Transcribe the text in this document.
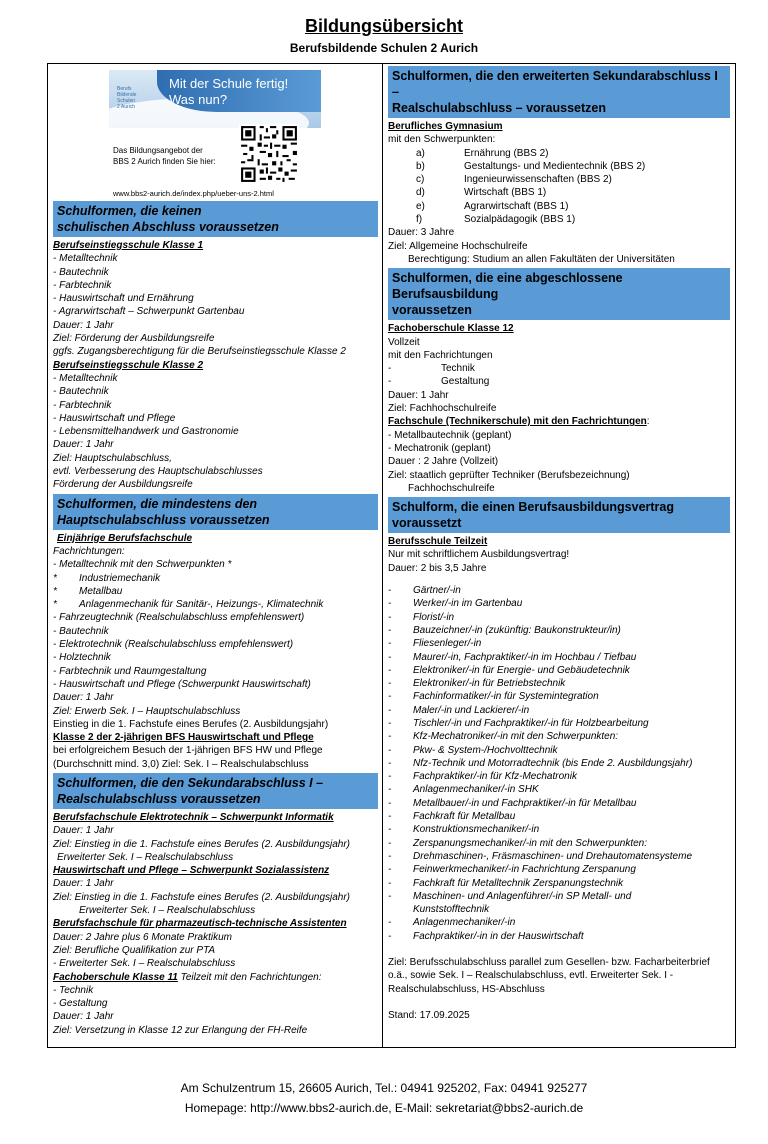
Bildungsübersicht
Berufsbildende Schulen 2 Aurich
Berufs
Bildende
Schulen
2 Aurich
Mit der Schule fertig!
Was nun?
Das Bildungsangebot der
BBS 2 Aurich finden Sie hier:
www.bbs2-aurich.de/index.php/ueber-uns-2.html
Schulformen, die keinen
schulischen Abschluss voraussetzen
Berufseinstiegsschule Klasse 1
- Metalltechnik
- Bautechnik
- Farbtechnik
- Hauswirtschaft und Ernährung
- Agrarwirtschaft – Schwerpunkt Gartenbau
Dauer: 1 Jahr
Ziel: Förderung der Ausbildungsreife
ggfs. Zugangsberechtigung für die Berufseinstiegsschule Klasse 2
Berufseinstiegsschule Klasse 2
- Metalltechnik
- Bautechnik
- Farbtechnik
- Hauswirtschaft und Pflege
- Lebensmittelhandwerk und Gastronomie
Dauer: 1 Jahr
Ziel: Hauptschulabschluss,
evtl. Verbesserung des Hauptschulabschlusses
Förderung der Ausbildungsreife
Schulformen, die mindestens den
Hauptschulabschluss voraussetzen
Einjährige Berufsfachschule
Fachrichtungen:
- Metalltechnik mit den Schwerpunkten *
*	Industriemechanik
*	Metallbau
*	Anlagenmechanik für Sanitär-, Heizungs-, Klimatechnik
- Fahrzeugtechnik (Realschulabschluss empfehlenswert)
- Bautechnik
- Elektrotechnik (Realschulabschluss empfehlenswert)
- Holztechnik
- Farbtechnik und Raumgestaltung
- Hauswirtschaft und Pflege (Schwerpunkt Hauswirtschaft)
Dauer: 1 Jahr
Ziel: Erwerb Sek. I – Hauptschulabschluss
Einstieg in die 1. Fachstufe eines Berufes (2. Ausbildungsjahr)
Klasse 2 der 2-jährigen BFS Hauswirtschaft und Pflege
bei erfolgreichem Besuch der 1-jährigen BFS HW und Pflege
(Durchschnitt mind. 3,0) Ziel: Sek. I – Realschulabschluss
Schulformen, die den Sekundarabschluss I –
Realschulabschluss voraussetzen
Berufsfachschule Elektrotechnik – Schwerpunkt Informatik
Dauer: 1 Jahr
Ziel: Einstieg in die 1. Fachstufe eines Berufes (2. Ausbildungsjahr)
Erweiterter Sek. I – Realschulabschluss
Hauswirtschaft und Pflege – Schwerpunkt Sozialassistenz
Dauer: 1 Jahr
Ziel: Einstieg in die 1. Fachstufe eines Berufes (2. Ausbildungsjahr)
Erweiterter Sek. I – Realschulabschluss
Berufsfachschule für pharmazeutisch-technische Assistenten
Dauer: 2 Jahre plus 6 Monate Praktikum
Ziel: Berufliche Qualifikation zur PTA
- Erweiterter Sek. I – Realschulabschluss
Fachoberschule Klasse 11 Teilzeit mit den Fachrichtungen:
- Technik
- Gestaltung
Dauer: 1 Jahr
Ziel: Versetzung in Klasse 12 zur Erlangung der FH-Reife
Schulformen, die den erweiterten Sekundarabschluss I –
Realschulabschluss – voraussetzen
Berufliches Gymnasium
mit den Schwerpunkten:
a)	Ernährung (BBS 2)
b)	Gestaltungs- und Medientechnik (BBS 2)
c)	Ingenieurwissenschaften (BBS 2)
d)	Wirtschaft (BBS 1)
e)	Agrarwirtschaft (BBS 1)
f)	Sozialpädagogik (BBS 1)
Dauer: 3 Jahre
Ziel: Allgemeine Hochschulreife
Berechtigung: Studium an allen Fakultäten der Universitäten
Schulformen, die eine abgeschlossene Berufsausbildung
voraussetzen
Fachoberschule Klasse 12
Vollzeit
mit den Fachrichtungen
-	Technik
-	Gestaltung
Dauer: 1 Jahr
Ziel: Fachhochschulreife
Fachschule (Technikerschule) mit den Fachrichtungen:
- Metallbautechnik (geplant)
- Mechatronik (geplant)
Dauer : 2 Jahre (Vollzeit)
Ziel: staatlich geprüfter Techniker (Berufsbezeichnung)
Fachhochschulreife
Schulform, die einen Berufsausbildungsvertrag
voraussetzt
Berufsschule Teilzeit
Nur mit schriftlichem Ausbildungsvertrag!
Dauer: 2 bis 3,5 Jahre
-	Gärtner/-in
-	Werker/-in im Gartenbau
-	Florist/-in
-	Bauzeichner/-in (zukünftig: Baukonstrukteur/in)
-	Fliesenleger/-in
-	Maurer/-in, Fachpraktiker/-in im Hochbau / Tiefbau
-	Elektroniker/-in für Energie- und Gebäudetechnik
-	Elektroniker/-in für Betriebstechnik
-	Fachinformatiker/-in für Systemintegration
-	Maler/-in und Lackierer/-in
-	Tischler/-in und Fachpraktiker/-in für Holzbearbeitung
-	Kfz-Mechatroniker/-in mit den Schwerpunkten:
-	Pkw- & System-/Hochvolttechnik
-	Nfz-Technik und Motorradtechnik (bis Ende 2. Ausbildungsjahr)
-	Fachpraktiker/-in für Kfz-Mechatronik
-	Anlagenmechaniker/-in SHK
-	Metallbauer/-in und Fachpraktiker/-in für Metallbau
-	Fachkraft für Metallbau
-	Konstruktionsmechaniker/-in
-	Zerspanungsmechaniker/-in mit den Schwerpunkten:
-	Drehmaschinen-, Fräsmaschinen- und Drehautomatensysteme
-	Feinwerkmechaniker/-in Fachrichtung Zerspanung
-	Fachkraft für Metalltechnik Zerspanungstechnik
-	Maschinen- und Anlagenführer/-in SP Metall- und
Kunststofftechnik
-	Anlagenmechaniker/-in
-	Fachpraktiker/-in in der Hauswirtschaft
Ziel: Berufsschulabschluss parallel zum Gesellen- bzw. Facharbeiterbrief
o.ä., sowie Sek. I – Realschulabschluss, evtl. Erweiterter Sek. I -
Realschulabschluss, HS-Abschluss
Stand: 17.09.2025
Am Schulzentrum 15, 26605 Aurich, Tel.: 04941 925202, Fax: 04941 925277
Homepage: http://www.bbs2-aurich.de, E-Mail: sekretariat@bbs2-aurich.de
